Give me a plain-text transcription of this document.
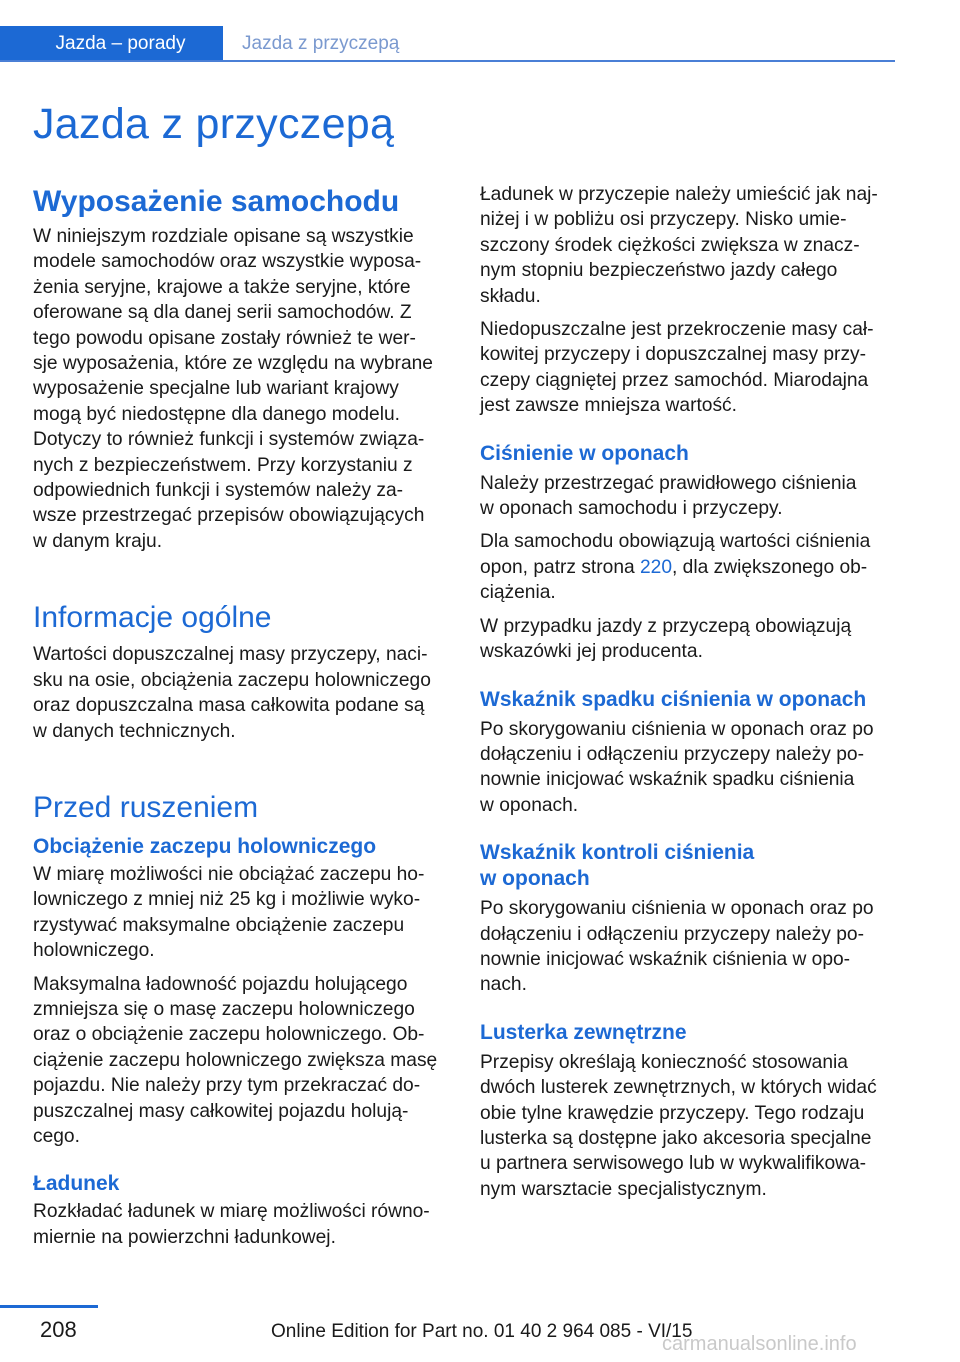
Jazda – porady	Jazda z przyczepą
Jazda z przyczepą
Wyposażenie samochodu

W niniejszym rozdziale opisane są wszystkie
modele samochodów oraz wszystkie wyposa‐
żenia seryjne, krajowe a także seryjne, które
oferowane są dla danej serii samochodów. Z
tego powodu opisane zostały również te wer‐
sje wyposażenia, które ze względu na wybrane
wyposażenie specjalne lub wariant krajowy
mogą być niedostępne dla danego modelu.
Dotyczy to również funkcji i systemów związa‐
nych z bezpieczeństwem. Przy korzystaniu z
odpowiednich funkcji i systemów należy za‐
wsze przestrzegać przepisów obowiązujących
w danym kraju.

Informacje ogólne

Wartości dopuszczalnej masy przyczepy, naci‐
sku na osie, obciążenia zaczepu holowniczego
oraz dopuszczalna masa całkowita podane są
w danych technicznych.

Przed ruszeniem
Obciążenie zaczepu holowniczego

W miarę możliwości nie obciążać zaczepu ho‐
lowniczego z mniej niż 25 kg i możliwie wyko‐
rzystywać maksymalne obciążenie zaczepu
holowniczego.

Maksymalna ładowność pojazdu holującego
zmniejsza się o masę zaczepu holowniczego
oraz o obciążenie zaczepu holowniczego. Ob‐
ciążenie zaczepu holowniczego zwiększa masę
pojazdu. Nie należy przy tym przekraczać do‐
puszczalnej masy całkowitej pojazdu holują‐
cego.

Ładunek

Rozkładać ładunek w miarę możliwości równo‐
miernie na powierzchni ładunkowej.

Ładunek w przyczepie należy umieścić jak naj‐
niżej i w pobliżu osi przyczepy. Nisko umie‐
szczony środek ciężkości zwiększa w znacz‐
nym stopniu bezpieczeństwo jazdy całego
składu.

Niedopuszczalne jest przekroczenie masy cał‐
kowitej przyczepy i dopuszczalnej masy przy‐
czepy ciągniętej przez samochód. Miarodajna
jest zawsze mniejsza wartość.

Ciśnienie w oponach

Należy przestrzegać prawidłowego ciśnienia
w oponach samochodu i przyczepy.

Dla samochodu obowiązują wartości ciśnienia
opon, patrz strona 220, dla zwiększonego ob‐
ciążenia.

W przypadku jazdy z przyczepą obowiązują
wskazówki jej producenta.

Wskaźnik spadku ciśnienia w oponach

Po skorygowaniu ciśnienia w oponach oraz po
dołączeniu i odłączeniu przyczepy należy po‐
nownie inicjować wskaźnik spadku ciśnienia
w oponach.

Wskaźnik kontroli ciśnienia
w oponach

Po skorygowaniu ciśnienia w oponach oraz po
dołączeniu i odłączeniu przyczepy należy po‐
nownie inicjować wskaźnik ciśnienia w opo‐
nach.

Lusterka zewnętrzne

Przepisy określają konieczność stosowania
dwóch lusterek zewnętrznych, w których widać
obie tylne krawędzie przyczepy. Tego rodzaju
lusterka są dostępne jako akcesoria specjalne
u partnera serwisowego lub w wykwalifikowa‐
nym warsztacie specjalistycznym.

208	Online Edition for Part no. 01 40 2 964 085 - VI/15
carmanualsonline.info
